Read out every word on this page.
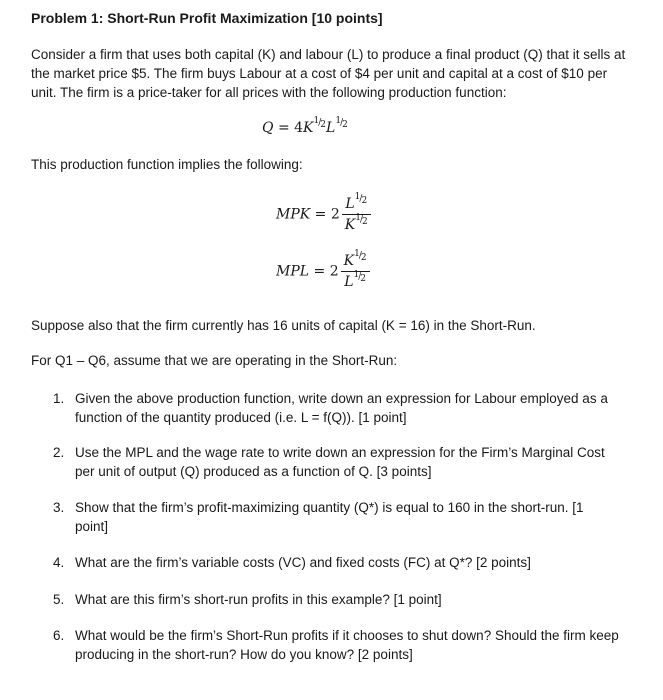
Problem 1: Short-Run Profit Maximization [10 points]
Consider a firm that uses both capital (K) and labour (L) to produce a final product (Q) that it sells at the market price $5. The firm buys Labour at a cost of $4 per unit and capital at a cost of $10 per unit. The firm is a price-taker for all prices with the following production function:
$Q = 4K^{1/2}L^{1/2}$
This production function implies the following:
MPK = $2 \frac{L^{1/2}}{K^{1/2}}$
MPL = $2 \frac{K^{1/2}}{L^{1/2}}$
Suppose also that the firm currently has 16 units of capital (K = 16) in the Short-Run.
For Q1 – Q6, assume that we are operating in the Short-Run:
1. Given the above production function, write down an expression for Labour employed as a function of the quantity produced (i.e. L = f(Q)). [1 point]
2. Use the MPL and the wage rate to write down an expression for the Firm’s Marginal Cost per unit of output (Q) produced as a function of Q. [3 points]
3. Show that the firm’s profit-maximizing quantity (Q*) is equal to 160 in the short-run. [1 point]
4. What are the firm’s variable costs (VC) and fixed costs (FC) at Q*? [2 points]
5. What are this firm’s short-run profits in this example? [1 point]
6. What would be the firm’s Short-Run profits if it chooses to shut down? Should the firm keep producing in the short-run? How do you know? [2 points]
